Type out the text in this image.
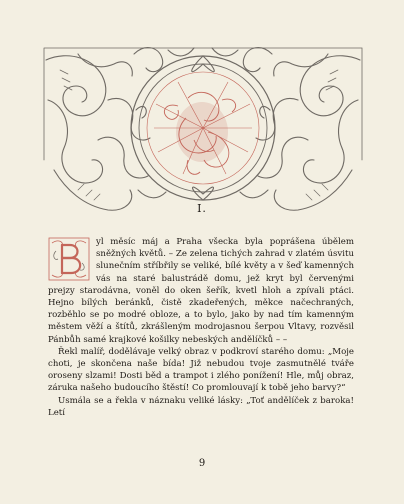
I.

yl měsíc máj a Praha všecka byla poprášena úbělem sněžných květů. – Ze zelena tichých zahrad v zlatém úsvitu slunečním stříbřily se veliké, bílé květy a v šeď kamenných vás na staré balustrádě domu, jež kryt byl červenými prejzy starodávna, voněl do oken šeřík, kvetl hloh a zpívali ptáci. Hejno bílých beránků, čistě zkadeřených, měkce načechraných, rozběhlo se po modré obloze, a to bylo, jako by nad tím kamenným městem věží a štítů, zkrášleným modrojasnou šerpou Vltavy, rozvěsil Pánbůh samé krajkové košilky nebeských andělíčků – –

Řekl malíř, dodělávaje velký obraz v podkroví starého domu: „Moje choti, je skončena naše bída! Již nebudou tvoje zasmutnělé tváře oroseny slzami! Dosti běd a trampot i zlého ponížení! Hle, můj obraz, záruka našeho budoucího štěstí! Co promlouvají k tobě jeho barvy?“

Usmála se a řekla v náznaku veliké lásky: „Toť andělíček z baroka! Letí

9
